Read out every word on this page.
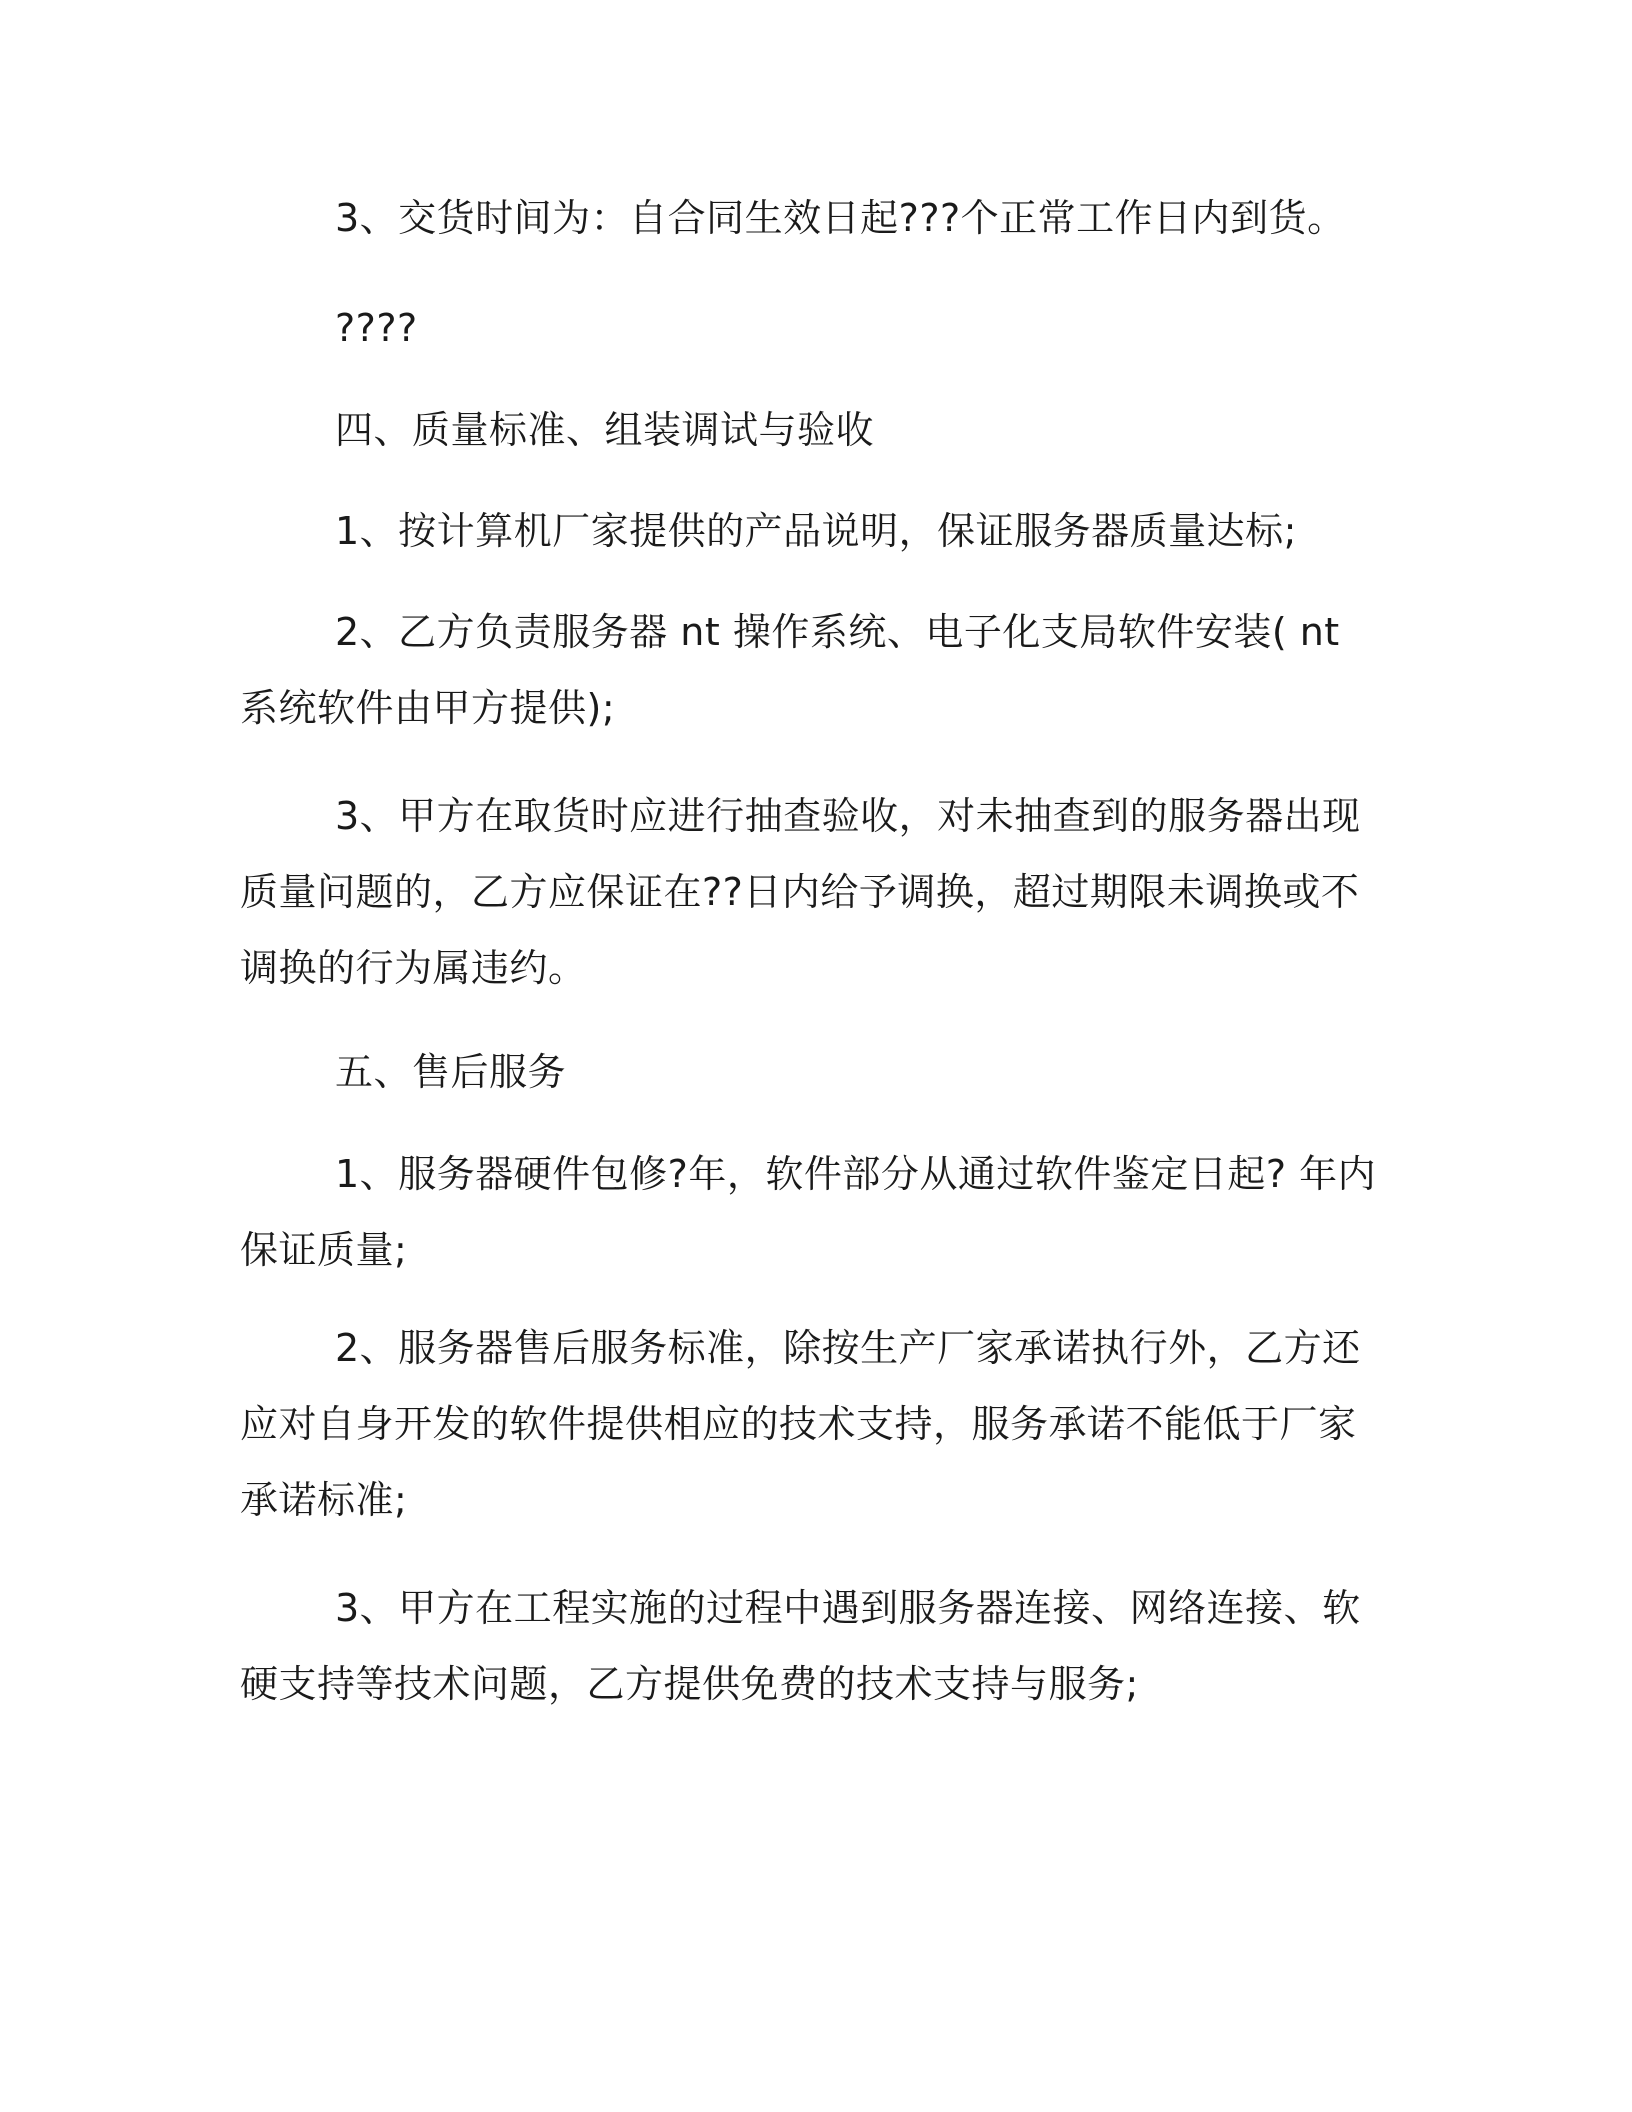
3、交货时间为：自合同生效日起???个正常工作日内到货。

????

四、质量标准、组装调试与验收

1、按计算机厂家提供的产品说明，保证服务器质量达标;

2、乙方负责服务器 nt 操作系统、电子化支局软件安装( nt 系统软件由甲方提供);

3、甲方在取货时应进行抽查验收，对未抽查到的服务器出现质量问题的，乙方应保证在??日内给予调换，超过期限未调换或不调换的行为属违约。

五、售后服务

1、服务器硬件包修?年，软件部分从通过软件鉴定日起? 年内保证质量;

2、服务器售后服务标准，除按生产厂家承诺执行外，乙方还应对自身开发的软件提供相应的技术支持，服务承诺不能低于厂家承诺标准;

3、甲方在工程实施的过程中遇到服务器连接、网络连接、软硬支持等技术问题，乙方提供免费的技术支持与服务;
